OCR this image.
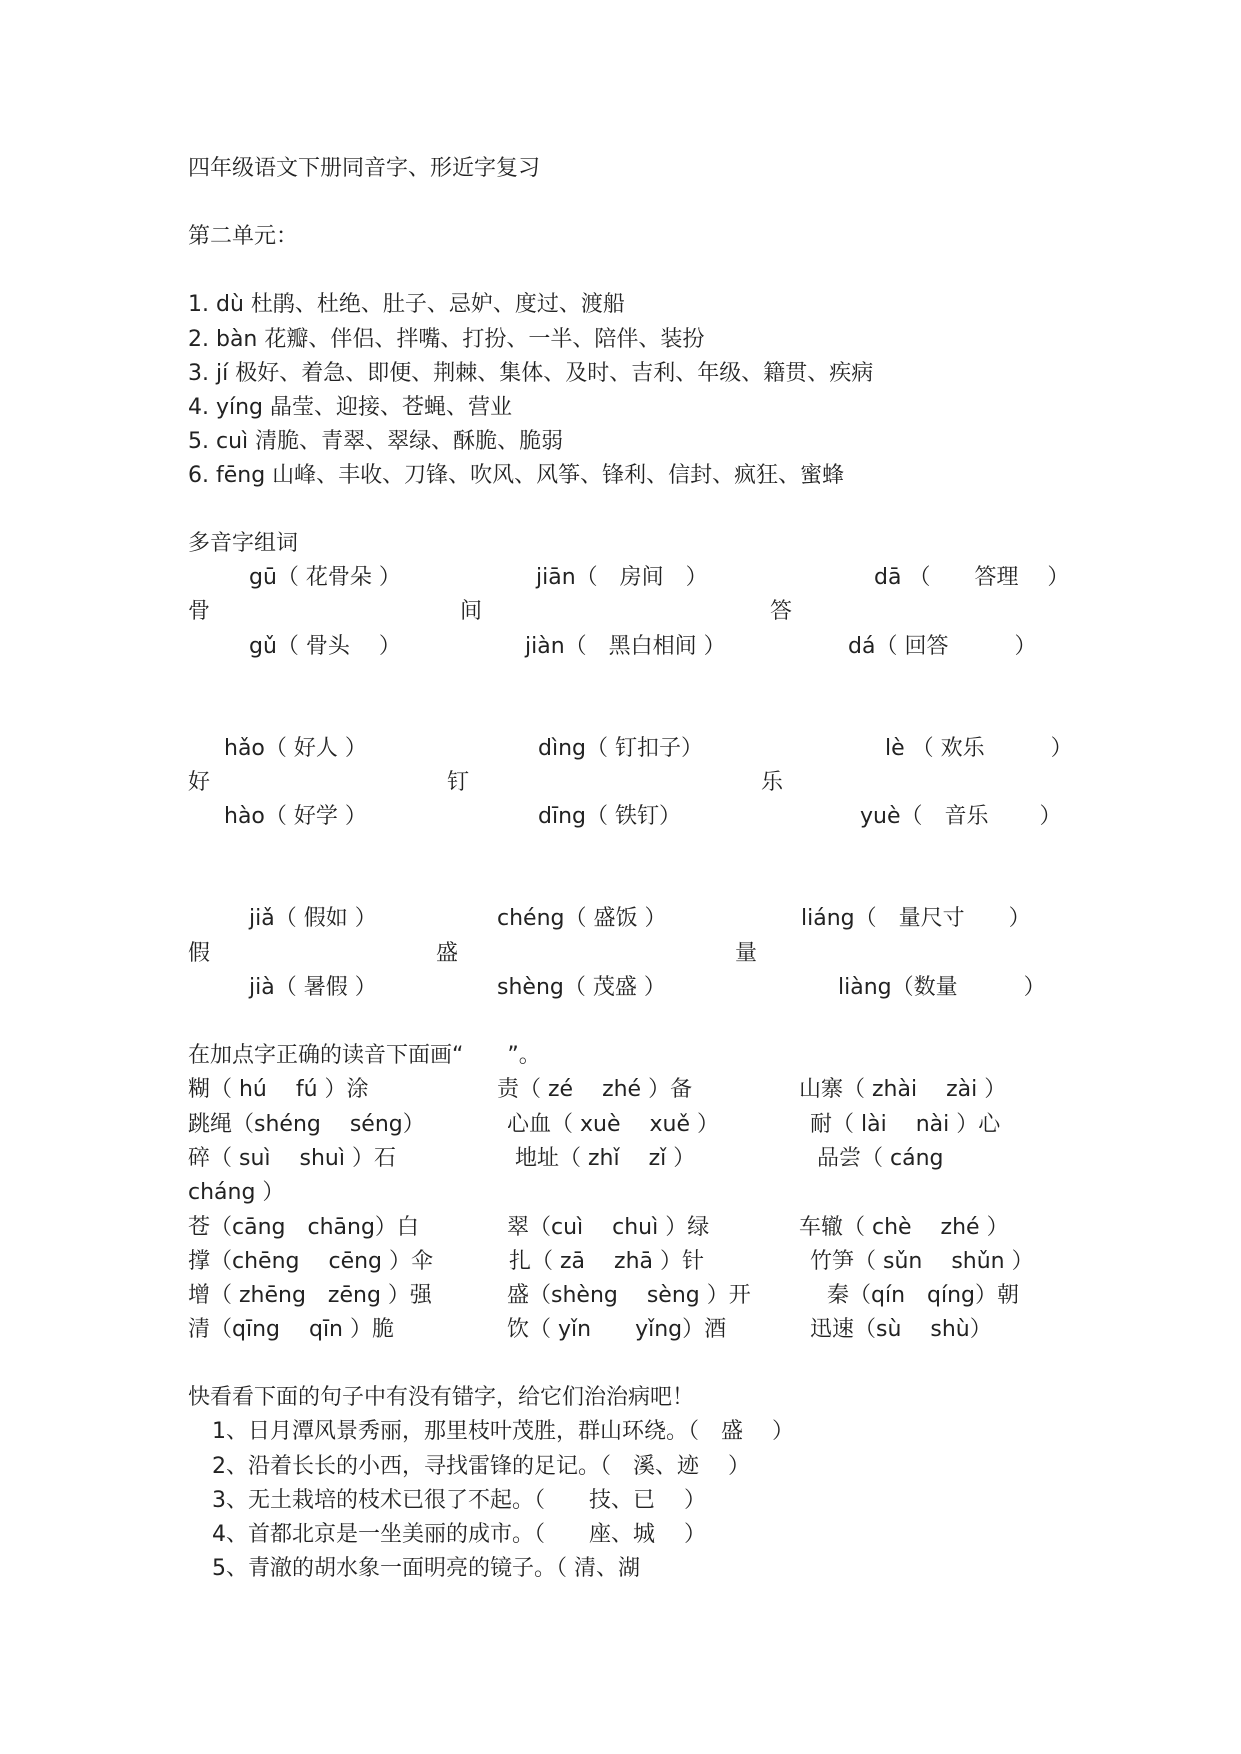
四年级语文下册同音字、形近字复习
第二单元：
1. dù 杜鹃、杜绝、肚子、忌妒、度过、渡船
2. bàn 花瓣、伴侣、拌嘴、打扮、一半、陪伴、装扮
3. jí 极好、着急、即便、荆棘、集体、及时、吉利、年级、籍贯、疾病
4. yíng 晶莹、迎接、苍蝇、营业
5. cuì 清脆、青翠、翠绿、酥脆、脆弱
6. fēng 山峰、丰收、刀锋、吹风、风筝、锋利、信封、疯狂、蜜蜂
多音字组词
gū（ 花骨朵 ）	jiān（　房间　）	dā （　　答理　 ）
骨	间	答
gǔ（ 骨头　 ）	jiàn（　黑白相间 ）	dá（ 回答　　　）
hǎo（ 好人 ）	dìng（ 钉扣子）	lè （ 欢乐　　　）
好	钉	乐
hào（ 好学 ）	dīng（ 铁钉）	yuè（　音乐　　 ）
jiǎ（ 假如 ）	chéng（ 盛饭 ）	liáng（　量尺寸　　）
假	盛	量
jià（ 暑假 ）	shèng（ 茂盛 ）	liàng（数量　　　）
在加点字正确的读音下面画“　　”。
糊（ hú　 fú ）涂	责（ zé　 zhé ）备	山寨（ zhài　 zài ）
跳绳（shéng　 séng）	心血（ xuè　 xuě ）	耐（ lài　 nài ）心
碎（ suì　 shuì ）石	地址（ zhǐ　 zǐ ）	品尝（ cáng
cháng ）
苍（cāng　chāng）白	翠（cuì　 chuì ）绿	车辙（ chè　 zhé ）
撑（chēng　 cēng ）伞	扎（ zā　 zhā ）针	竹笋（ sǔn　 shǔn ）
增（ zhēng　zēng ）强	盛（shèng　 sèng ）开	秦（qín　qíng）朝
清（qīng　 qīn ）脆	饮（ yǐn　　yǐng）酒	迅速（sù　 shù）
快看看下面的句子中有没有错字，给它们治治病吧！
1、日月潭风景秀丽，那里枝叶茂胜，群山环绕。（　盛　 ）
2、沿着长长的小西，寻找雷锋的足记。（　溪、迹　 ）
3、无土栽培的枝术已很了不起。（　　技、已　 ）
4、首都北京是一坐美丽的成市。（　　座、城　 ）
5、青澈的胡水象一面明亮的镜子。（ 清、湖
